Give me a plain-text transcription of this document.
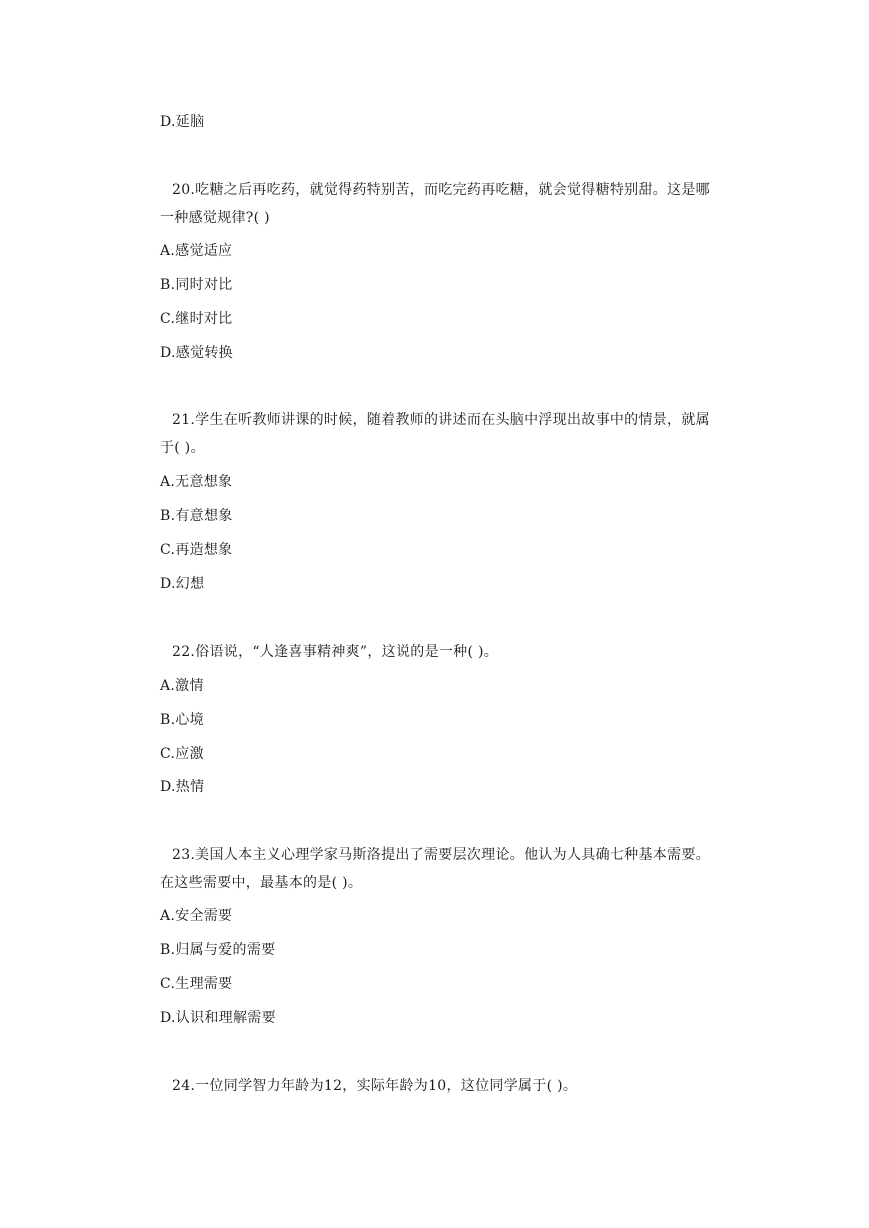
D.延脑
20.吃糖之后再吃药，就觉得药特别苦，而吃完药再吃糖，就会觉得糖特别甜。这是哪
一种感觉规律?( )
A.感觉适应
B.同时对比
C.继时对比
D.感觉转换
21.学生在听教师讲课的时候，随着教师的讲述而在头脑中浮现出故事中的情景，就属
于( )。
A.无意想象
B.有意想象
C.再造想象
D.幻想
22.俗语说，“人逢喜事精神爽”，这说的是一种( )。
A.激情
B.心境
C.应激
D.热情
23.美国人本主义心理学家马斯洛提出了需要层次理论。他认为人具确七种基本需要。
在这些需要中，最基本的是( )。
A.安全需要
B.归属与爱的需要
C.生理需要
D.认识和理解需要
24.一位同学智力年龄为12，实际年龄为10，这位同学属于( )。
